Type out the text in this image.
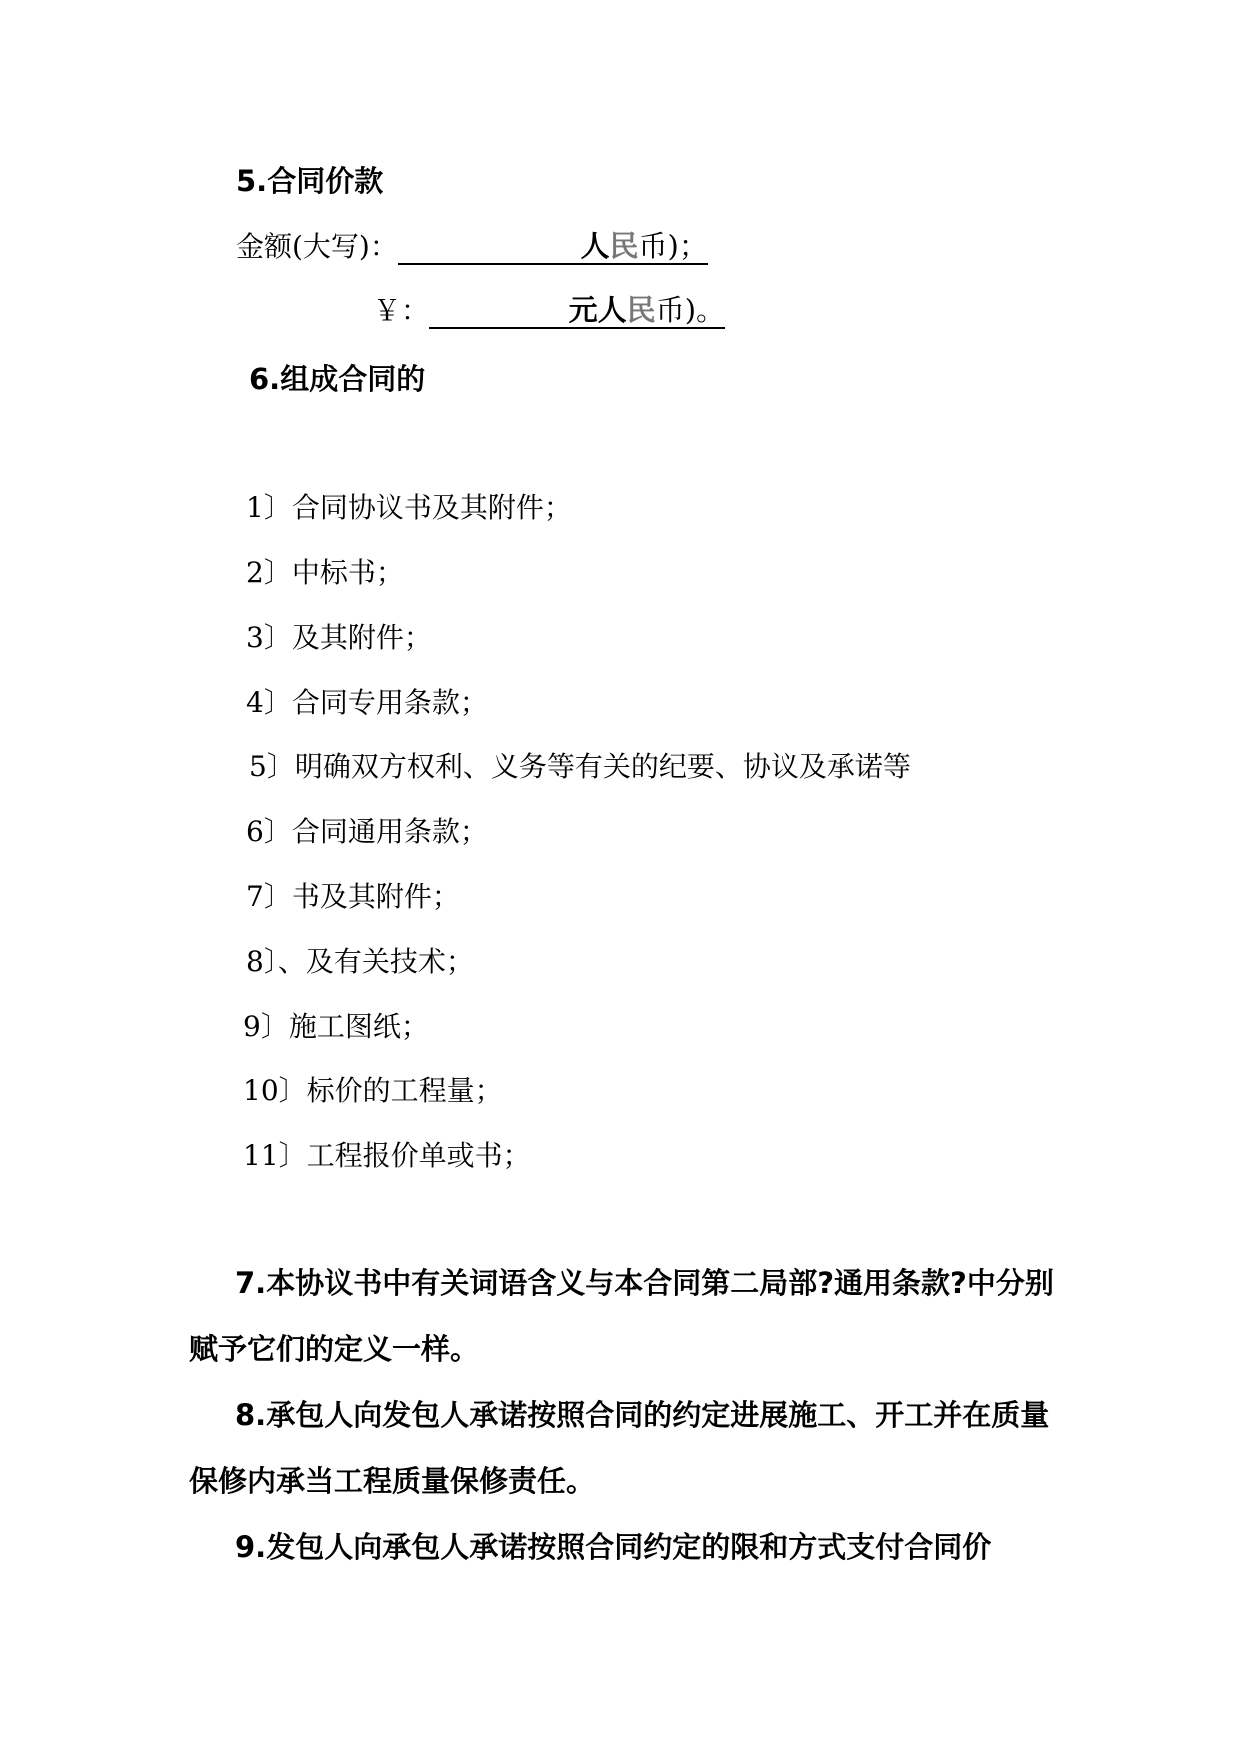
5.合同价款
金额(大写)：	人民币)；
￥：	元人民币)。
6.组成合同的
1〕合同协议书及其附件；
2〕中标书；
3〕及其附件；
4〕合同专用条款；
5〕明确双方权利、义务等有关的纪要、协议及承诺等
6〕合同通用条款；
7〕书及其附件；
8〕、及有关技术；
9〕施工图纸；
10〕标价的工程量；
11〕工程报价单或书；
7.本协议书中有关词语含义与本合同第二局部?通用条款?中分别赋予它们的定义一样。
8.承包人向发包人承诺按照合同的约定进展施工、开工并在质量保修内承当工程质量保修责任。
9.发包人向承包人承诺按照合同约定的限和方式支付合同价
